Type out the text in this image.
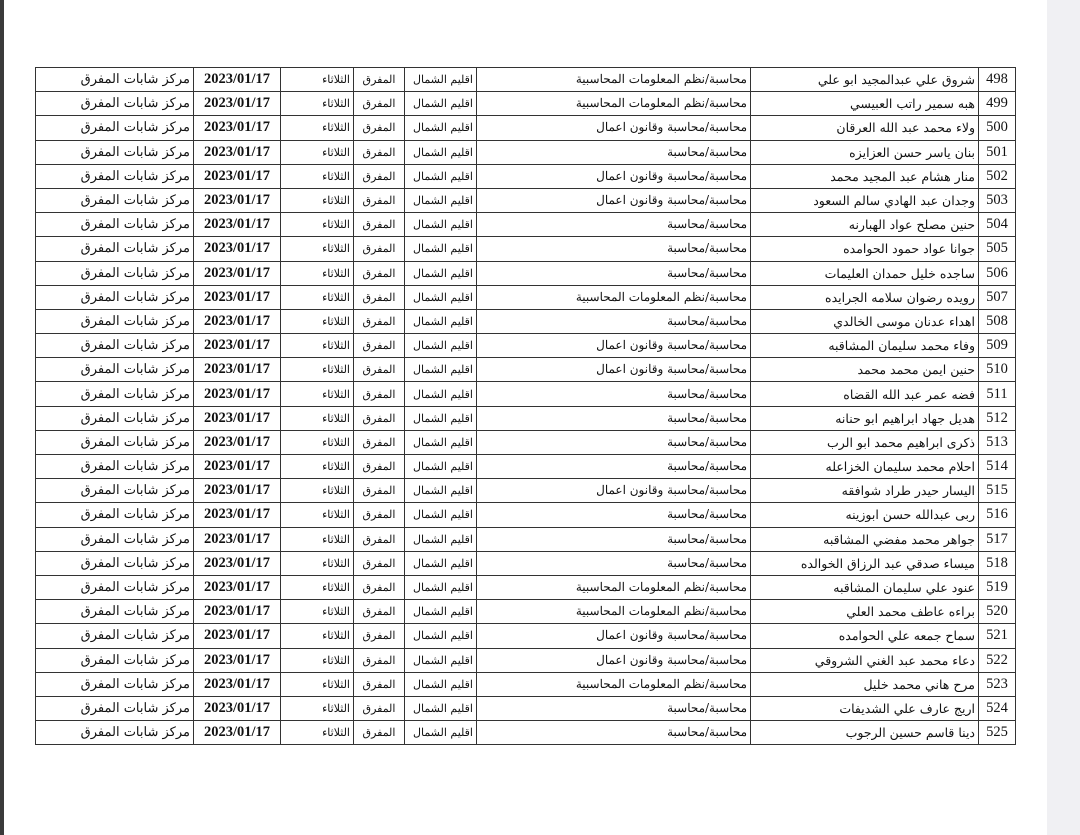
مركز شابات المفرق	2023/01/17	الثلاثاء	المفرق	اقليم الشمال	محاسبة/نظم المعلومات المحاسبية	شروق علي عبدالمجيد ابو علي	498
مركز شابات المفرق	2023/01/17	الثلاثاء	المفرق	اقليم الشمال	محاسبة/نظم المعلومات المحاسبية	هبه سمير راتب العبيسي	499
مركز شابات المفرق	2023/01/17	الثلاثاء	المفرق	اقليم الشمال	محاسبة/محاسبة وقانون اعمال	ولاء محمد عبد الله العرقان	500
مركز شابات المفرق	2023/01/17	الثلاثاء	المفرق	اقليم الشمال	محاسبة/محاسبة	بنان ياسر حسن العزايزه	501
مركز شابات المفرق	2023/01/17	الثلاثاء	المفرق	اقليم الشمال	محاسبة/محاسبة وقانون اعمال	منار هشام عبد المجيد محمد	502
مركز شابات المفرق	2023/01/17	الثلاثاء	المفرق	اقليم الشمال	محاسبة/محاسبة وقانون اعمال	وجدان عبد الهادي سالم السعود	503
مركز شابات المفرق	2023/01/17	الثلاثاء	المفرق	اقليم الشمال	محاسبة/محاسبة	حنين مصلح عواد الهبارنه	504
مركز شابات المفرق	2023/01/17	الثلاثاء	المفرق	اقليم الشمال	محاسبة/محاسبة	جوانا عواد حمود الحوامده	505
مركز شابات المفرق	2023/01/17	الثلاثاء	المفرق	اقليم الشمال	محاسبة/محاسبة	ساجده خليل حمدان العليمات	506
مركز شابات المفرق	2023/01/17	الثلاثاء	المفرق	اقليم الشمال	محاسبة/نظم المعلومات المحاسبية	رويده رضوان سلامه الجرايده	507
مركز شابات المفرق	2023/01/17	الثلاثاء	المفرق	اقليم الشمال	محاسبة/محاسبة	اهداء عدنان موسى الخالدي	508
مركز شابات المفرق	2023/01/17	الثلاثاء	المفرق	اقليم الشمال	محاسبة/محاسبة وقانون اعمال	وفاء محمد سليمان المشاقبه	509
مركز شابات المفرق	2023/01/17	الثلاثاء	المفرق	اقليم الشمال	محاسبة/محاسبة وقانون اعمال	حنين ايمن محمد محمد	510
مركز شابات المفرق	2023/01/17	الثلاثاء	المفرق	اقليم الشمال	محاسبة/محاسبة	فضه عمر عبد الله القضاه	511
مركز شابات المفرق	2023/01/17	الثلاثاء	المفرق	اقليم الشمال	محاسبة/محاسبة	هديل جهاد ابراهيم ابو حنانه	512
مركز شابات المفرق	2023/01/17	الثلاثاء	المفرق	اقليم الشمال	محاسبة/محاسبة	ذكرى ابراهيم محمد ابو الرب	513
مركز شابات المفرق	2023/01/17	الثلاثاء	المفرق	اقليم الشمال	محاسبة/محاسبة	احلام محمد سليمان الخزاعله	514
مركز شابات المفرق	2023/01/17	الثلاثاء	المفرق	اقليم الشمال	محاسبة/محاسبة وقانون اعمال	اليسار حيدر طراد شوافقه	515
مركز شابات المفرق	2023/01/17	الثلاثاء	المفرق	اقليم الشمال	محاسبة/محاسبة	ربى عبدالله حسن ابوزينه	516
مركز شابات المفرق	2023/01/17	الثلاثاء	المفرق	اقليم الشمال	محاسبة/محاسبة	جواهر محمد مفضي المشاقبه	517
مركز شابات المفرق	2023/01/17	الثلاثاء	المفرق	اقليم الشمال	محاسبة/محاسبة	ميساء صدقي عبد الرزاق الخوالده	518
مركز شابات المفرق	2023/01/17	الثلاثاء	المفرق	اقليم الشمال	محاسبة/نظم المعلومات المحاسبية	عنود علي سليمان المشاقبه	519
مركز شابات المفرق	2023/01/17	الثلاثاء	المفرق	اقليم الشمال	محاسبة/نظم المعلومات المحاسبية	براءه عاطف محمد العلي	520
مركز شابات المفرق	2023/01/17	الثلاثاء	المفرق	اقليم الشمال	محاسبة/محاسبة وقانون اعمال	سماح جمعه علي الحوامده	521
مركز شابات المفرق	2023/01/17	الثلاثاء	المفرق	اقليم الشمال	محاسبة/محاسبة وقانون اعمال	دعاء محمد عبد الغني الشروقي	522
مركز شابات المفرق	2023/01/17	الثلاثاء	المفرق	اقليم الشمال	محاسبة/نظم المعلومات المحاسبية	مرح هاني محمد خليل	523
مركز شابات المفرق	2023/01/17	الثلاثاء	المفرق	اقليم الشمال	محاسبة/محاسبة	اريج عارف علي الشديفات	524
مركز شابات المفرق	2023/01/17	الثلاثاء	المفرق	اقليم الشمال	محاسبة/محاسبة	دينا قاسم حسين الرجوب	525
